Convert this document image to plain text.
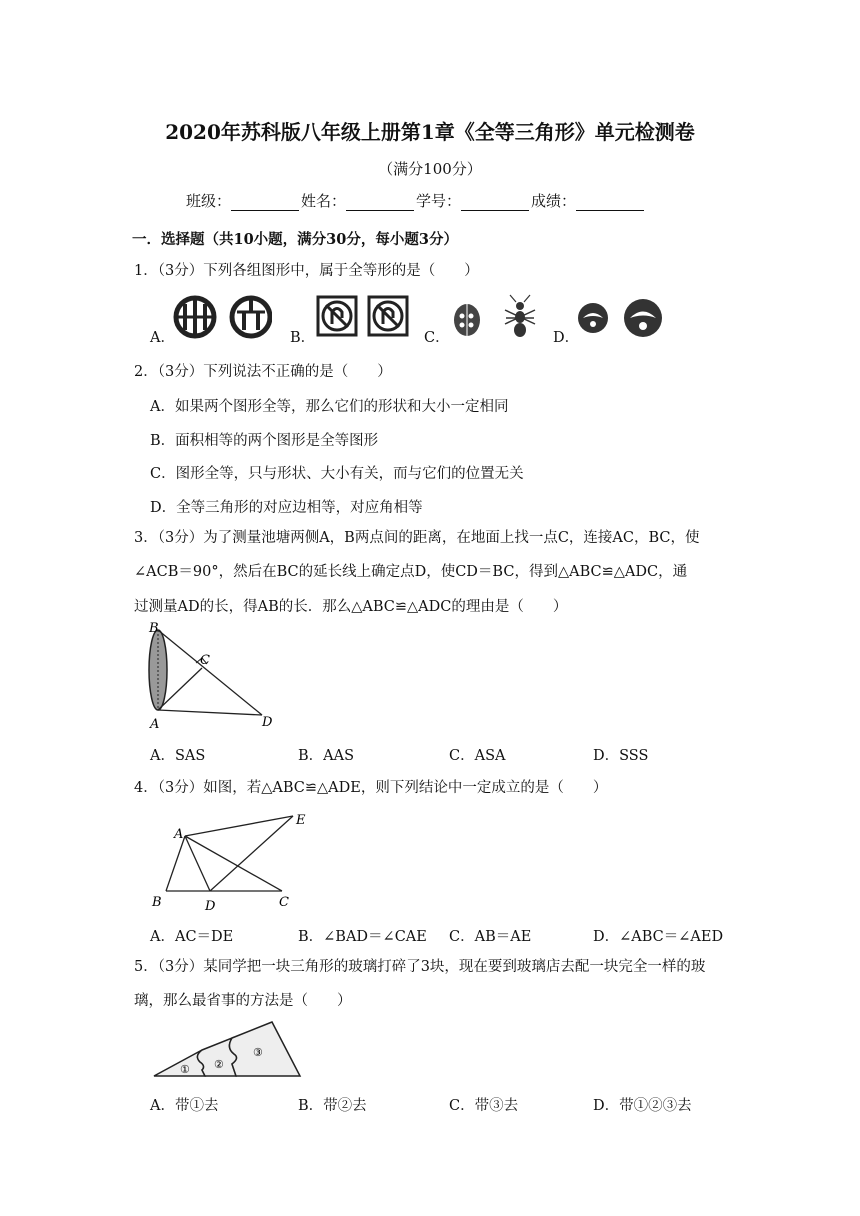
2020年苏科版八年级上册第1章《全等三角形》单元检测卷
（满分100分）
班级：	姓名：	学号：	成绩：
一．选择题（共10小题，满分30分，每小题3分）
1．（3分）下列各组图形中，属于全等形的是（　　）
A．	B．	C．	D．
2．（3分）下列说法不正确的是（　　）
A．如果两个图形全等，那么它们的形状和大小一定相同
B．面积相等的两个图形是全等图形
C．图形全等，只与形状、大小有关，而与它们的位置无关
D．全等三角形的对应边相等，对应角相等
3．（3分）为了测量池塘两侧A，B两点间的距离，在地面上找一点C，连接AC，BC，使
∠ACB＝90°，然后在BC的延长线上确定点D，使CD＝BC，得到△ABC≌△ADC，通
过测量AD的长，得AB的长．那么△ABC≌△ADC的理由是（　　）
B
C
A	D
A．SAS	B．AAS	C．ASA	D．SSS
4．（3分）如图，若△ABC≌△ADE，则下列结论中一定成立的是（　　）
A
E
B	D	C
A．AC＝DE	B．∠BAD＝∠CAE C．AB＝AE	D．∠ABC＝∠AED
5．（3分）某同学把一块三角形的玻璃打碎了3块，现在要到玻璃店去配一块完全一样的玻
璃，那么最省事的方法是（　　）
① ②
③
A．带①去	B．带②去	C．带③去	D．带①②③去
